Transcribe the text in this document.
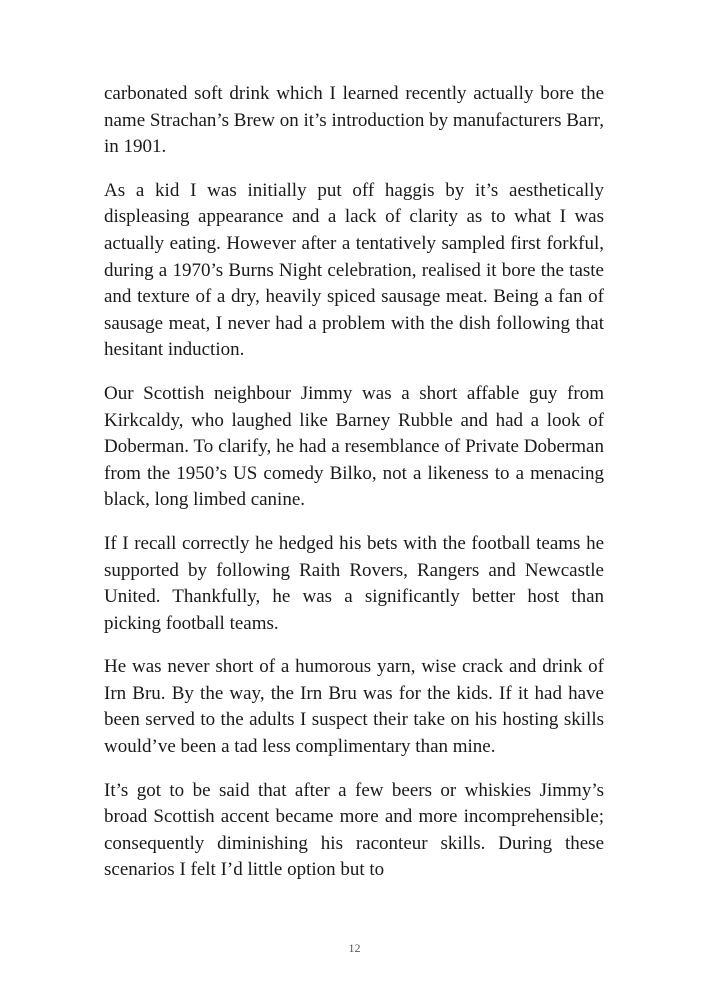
carbonated soft drink which I learned recently actually bore the name Strachan’s Brew on it’s introduction by manufacturers Barr, in 1901.

As a kid I was initially put off haggis by it’s aesthetically displeasing appearance and a lack of clarity as to what I was actually eating. However after a tentatively sampled first forkful, during a 1970’s Burns Night celebration, realised it bore the taste and texture of a dry, heavily spiced sausage meat. Being a fan of sausage meat, I never had a problem with the dish following that hesitant induction.

Our Scottish neighbour Jimmy was a short affable guy from Kirkcaldy, who laughed like Barney Rubble and had a look of Doberman. To clarify, he had a resemblance of Private Doberman from the 1950’s US comedy Bilko, not a likeness to a menacing black, long limbed canine.

If I recall correctly he hedged his bets with the football teams he supported by following Raith Rovers, Rangers and Newcastle United. Thankfully, he was a significantly better host than picking football teams.

He was never short of a humorous yarn, wise crack and drink of Irn Bru. By the way, the Irn Bru was for the kids. If it had have been served to the adults I suspect their take on his hosting skills would’ve been a tad less complimentary than mine.

It’s got to be said that after a few beers or whiskies Jimmy’s broad Scottish accent became more and more incomprehensible; consequently diminishing his raconteur skills. During these scenarios I felt I’d little option but to

12
